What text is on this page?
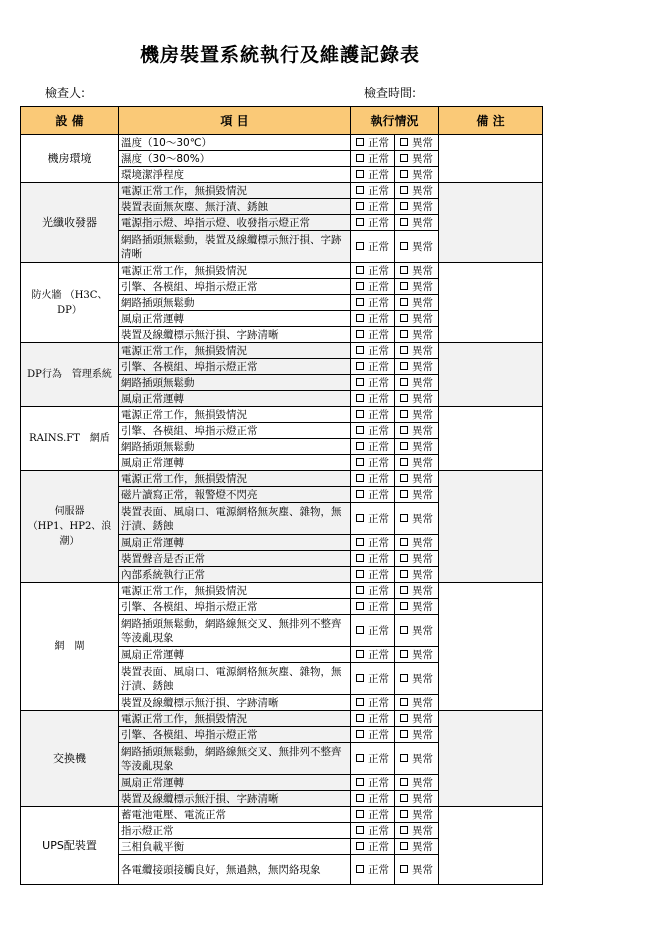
機房裝置系統執行及維護記錄表
檢查人:	檢查時間:
設 備	項 目	執行情況		備 注
機房環境	溫度（10～30℃）	正常	異常	
	濕度（30～80%）	正常	異常	
	環境潔淨程度	正常	異常	
光纖收發器	電源正常工作，無損毀情況	正常	異常	
	裝置表面無灰塵、無汙漬、銹蝕	正常	異常	
	電源指示燈、埠指示燈、收發指示燈正常	正常	異常	
	網路插頭無鬆動，裝置及線纜標示無汙損、字跡清晰	正常	異常	
防火牆 （H3C、DP）	電源正常工作，無損毀情況	正常	異常	
	引擎、各模組、埠指示燈正常	正常	異常	
	網路插頭無鬆動	正常	異常	
	風扇正常運轉	正常	異常	
	裝置及線纜標示無汙損、字跡清晰	正常	異常	
DP行為　管理系統	電源正常工作，無損毀情況	正常	異常	
	引擎、各模組、埠指示燈正常	正常	異常	
	網路插頭無鬆動	正常	異常	
	風扇正常運轉	正常	異常	
RAINS.FT　網盾	電源正常工作，無損毀情況	正常	異常	
	引擎、各模組、埠指示燈正常	正常	異常	
	網路插頭無鬆動	正常	異常	
	風扇正常運轉	正常	異常	
伺服器　　　（HP1、HP2、浪潮）	電源正常工作，無損毀情況	正常	異常	
	磁片讀寫正常，報警燈不閃亮	正常	異常	
	裝置表面、風扇口、電源網格無灰塵、雜物，無汙漬、銹蝕	正常	異常	
	風扇正常運轉	正常	異常	
	裝置聲音是否正常	正常	異常	
	內部系統執行正常	正常	異常	
網　閘	電源正常工作，無損毀情況	正常	異常	
	引擎、各模組、埠指示燈正常	正常	異常	
	網路插頭無鬆動，網路線無交叉、無排列不整齊等淩亂現象	正常	異常	
	風扇正常運轉	正常	異常	
	裝置表面、風扇口、電源網格無灰塵、雜物，無汙漬、銹蝕	正常	異常	
	裝置及線纜標示無汙損、字跡清晰	正常	異常	
交換機	電源正常工作，無損毀情況	正常	異常	
	引擎、各模組、埠指示燈正常	正常	異常	
	網路插頭無鬆動，網路線無交叉、無排列不整齊等淩亂現象	正常	異常	
	風扇正常運轉	正常	異常	
	裝置及線纜標示無汙損、字跡清晰	正常	異常	
UPS配裝置	蓄電池電壓、電流正常	正常	異常	
	指示燈正常	正常	異常	
	三相負載平衡	正常	異常	
	各電纜接頭接觸良好，無過熱，無閃絡現象	正常	異常	
